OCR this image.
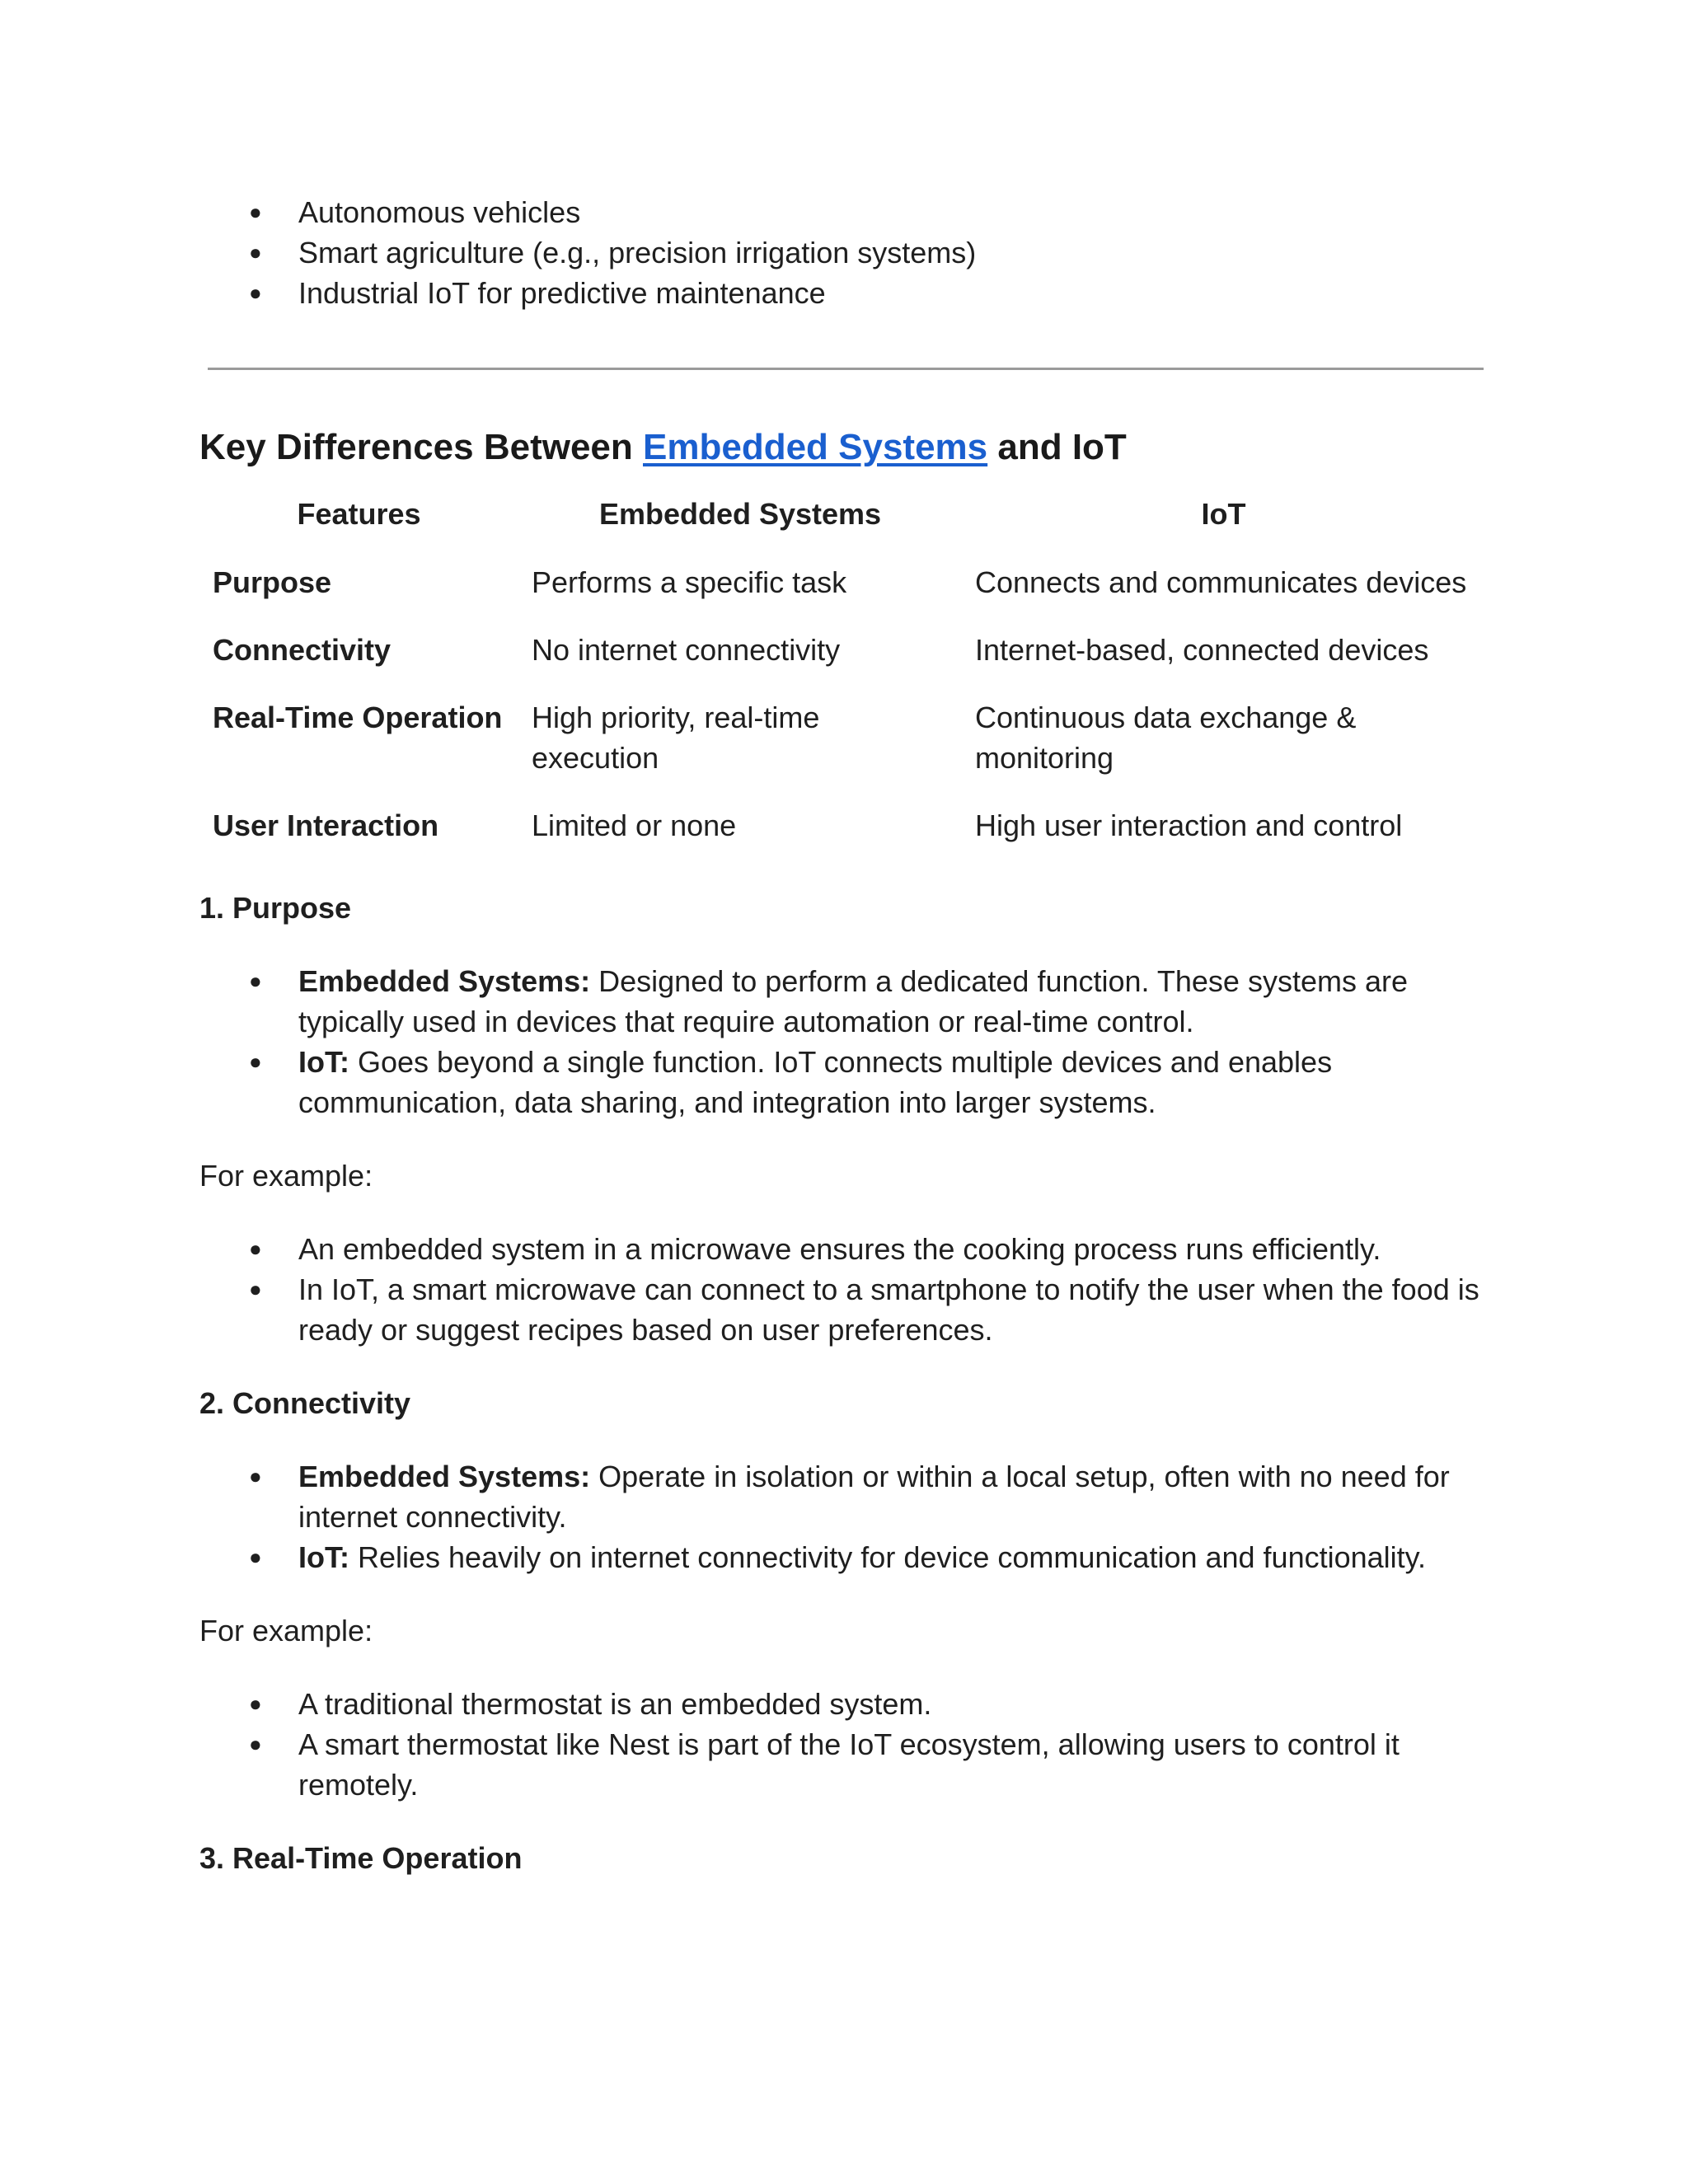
● Autonomous vehicles
● Smart agriculture (e.g., precision irrigation systems)
● Industrial IoT for predictive maintenance
Key Differences Between Embedded Systems and IoT
Features	Embedded Systems	IoT
Purpose	Performs a specific task	Connects and communicates devices
Connectivity	No internet connectivity	Internet-based, connected devices
Real-Time Operation	High priority, real-time execution	Continuous data exchange & monitoring
User Interaction	Limited or none	High user interaction and control
1. Purpose
● Embedded Systems: Designed to perform a dedicated function. These systems are typically used in devices that require automation or real-time control.
● IoT: Goes beyond a single function. IoT connects multiple devices and enables communication, data sharing, and integration into larger systems.

For example:

● An embedded system in a microwave ensures the cooking process runs efficiently.
● In IoT, a smart microwave can connect to a smartphone to notify the user when the food is ready or suggest recipes based on user preferences.
2. Connectivity
● Embedded Systems: Operate in isolation or within a local setup, often with no need for internet connectivity.
● IoT: Relies heavily on internet connectivity for device communication and functionality.

For example:

● A traditional thermostat is an embedded system.
● A smart thermostat like Nest is part of the IoT ecosystem, allowing users to control it remotely.
3. Real-Time Operation
